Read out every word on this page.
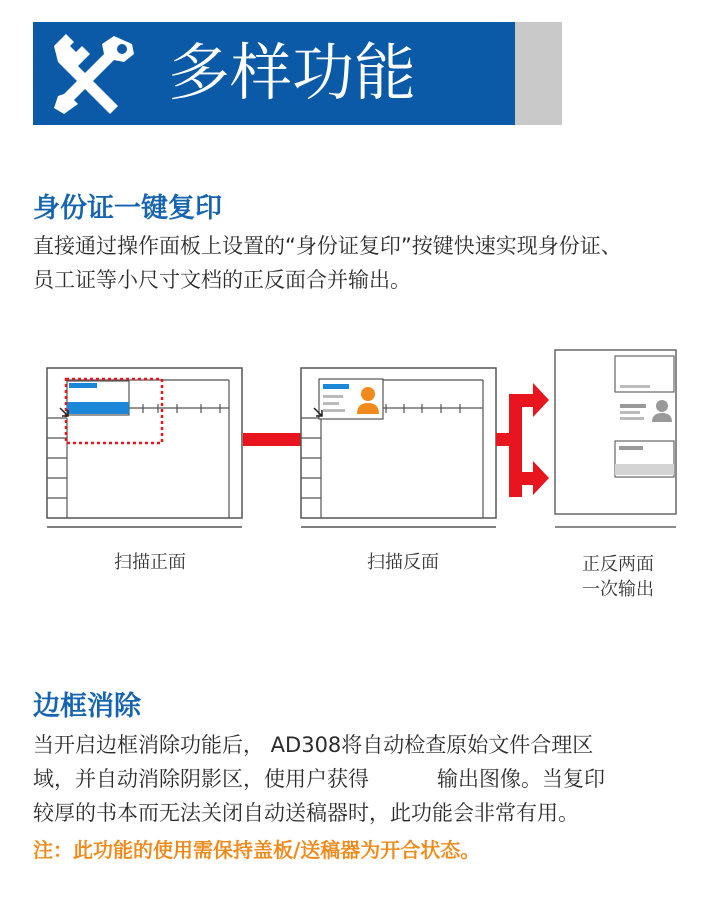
多样功能
身份证一键复印
直接通过操作面板上设置的“身份证复印”按键快速实现身份证、
员工证等小尺寸文档的正反面合并输出。
扫描正面	扫描反面	正反两面
一次输出
边框消除
当开启边框消除功能后， AD308将自动检查原始文件合理区
域，并自动消除阴影区，使用户获得	输出图像。当复印
较厚的书本而无法关闭自动送稿器时，此功能会非常有用。
注：此功能的使用需保持盖板/送稿器为开合状态。
